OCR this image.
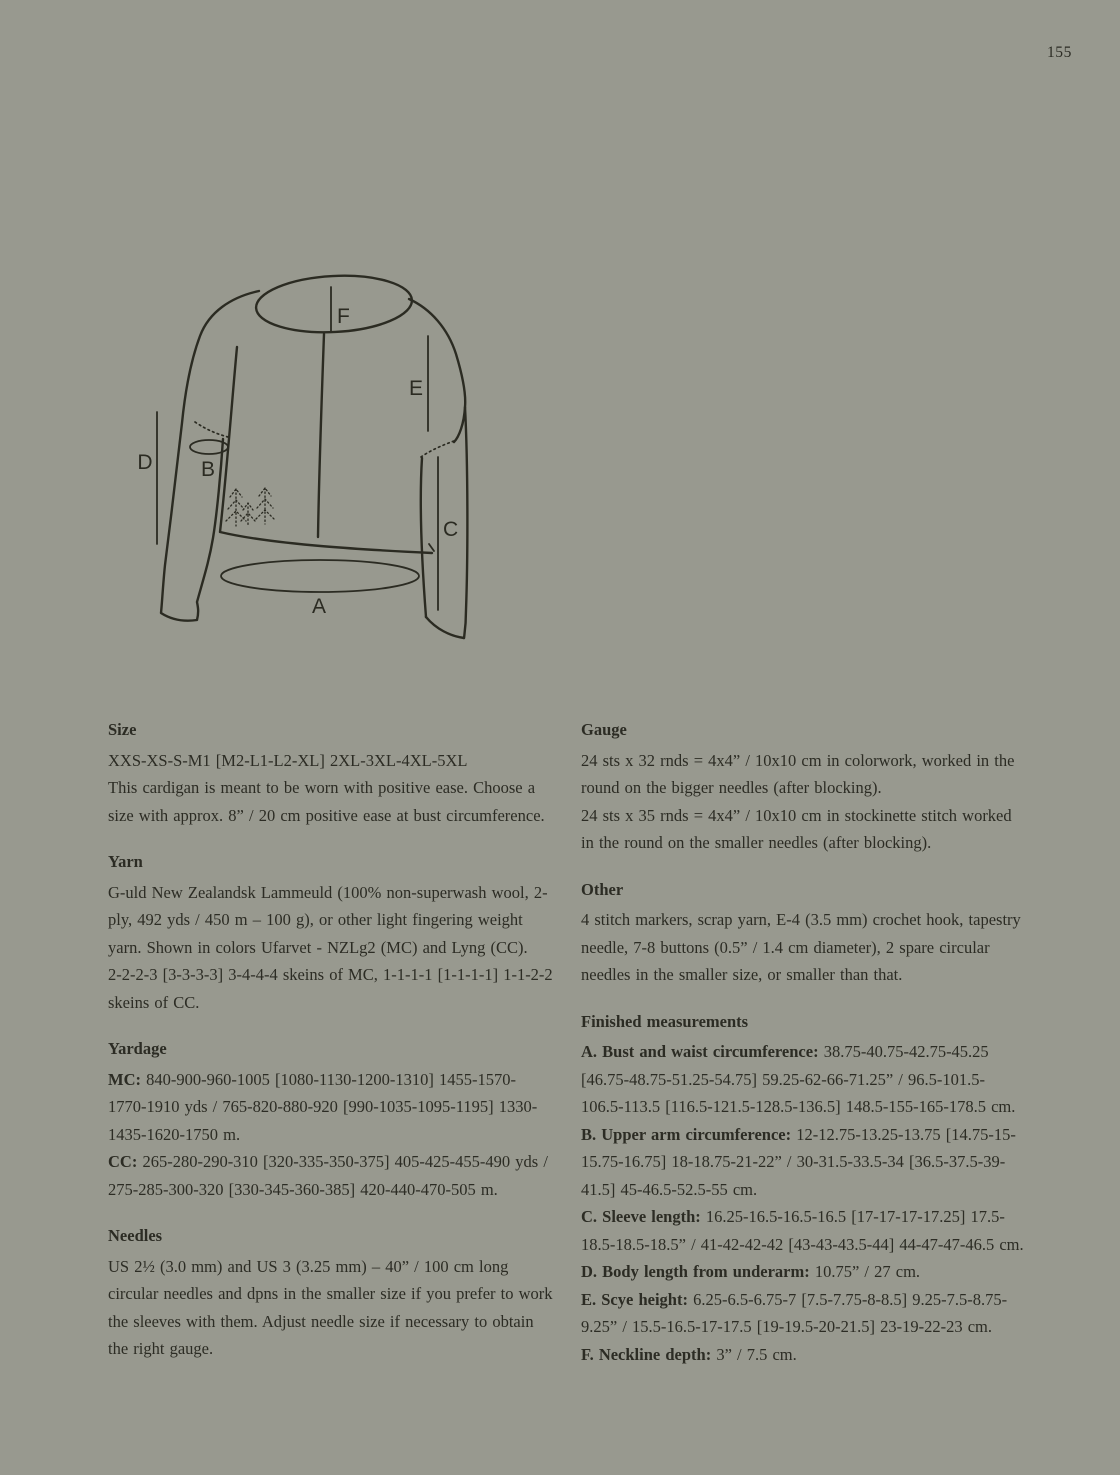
155
F
E
C
D B
A
Size

XXS-XS-S-M1 [M2-L1-L2-XL] 2XL-3XL-4XL-5XL

This cardigan is meant to be worn with positive ease. Choose a size with approx. 8” / 20 cm positive ease at bust circumference.

Yarn

G-uld New Zealandsk Lammeuld (100% non-superwash wool, 2-ply, 492 yds / 450 m – 100 g), or other light fingering weight yarn. Shown in colors Ufarvet - NZLg2 (MC) and Lyng (CC).

2-2-2-3 [3-3-3-3] 3-4-4-4 skeins of MC, 1-1-1-1 [1-1-1-1] 1-1-2-2 skeins of CC.

Yardage

MC: 840-900-960-1005 [1080-1130-1200-1310] 1455-1570-1770-1910 yds / 765-820-880-920 [990-1035-1095-1195] 1330-1435-1620-1750 m.

CC: 265-280-290-310 [320-335-350-375] 405-425-455-490 yds / 275-285-300-320 [330-345-360-385] 420-440-470-505 m.

Needles

US 2½ (3.0 mm) and US 3 (3.25 mm) – 40” / 100 cm long circular needles and dpns in the smaller size if you prefer to work the sleeves with them. Adjust needle size if necessary to obtain the right gauge.

Gauge

24 sts x 32 rnds = 4x4” / 10x10 cm in colorwork, worked in the round on the bigger needles (after blocking).

24 sts x 35 rnds = 4x4” / 10x10 cm in stockinette stitch worked in the round on the smaller needles (after blocking).

Other

4 stitch markers, scrap yarn, E-4 (3.5 mm) crochet hook, tapestry needle, 7-8 buttons (0.5” / 1.4 cm diameter), 2 spare circular needles in the smaller size, or smaller than that.

Finished measurements

A. Bust and waist circumference: 38.75-40.75-42.75-45.25 [46.75-48.75-51.25-54.75] 59.25-62-66-71.25” / 96.5-101.5-106.5-113.5 [116.5-121.5-128.5-136.5] 148.5-155-165-178.5 cm.

B. Upper arm circumference: 12-12.75-13.25-13.75 [14.75-15-15.75-16.75] 18-18.75-21-22” / 30-31.5-33.5-34 [36.5-37.5-39-41.5] 45-46.5-52.5-55 cm.

C. Sleeve length: 16.25-16.5-16.5-16.5 [17-17-17-17.25] 17.5-18.5-18.5-18.5” / 41-42-42-42 [43-43-43.5-44] 44-47-47-46.5 cm.

D. Body length from underarm: 10.75” / 27 cm.

E. Scye height: 6.25-6.5-6.75-7 [7.5-7.75-8-8.5] 9.25-7.5-8.75-9.25” / 15.5-16.5-17-17.5 [19-19.5-20-21.5] 23-19-22-23 cm.

F. Neckline depth: 3” / 7.5 cm.
